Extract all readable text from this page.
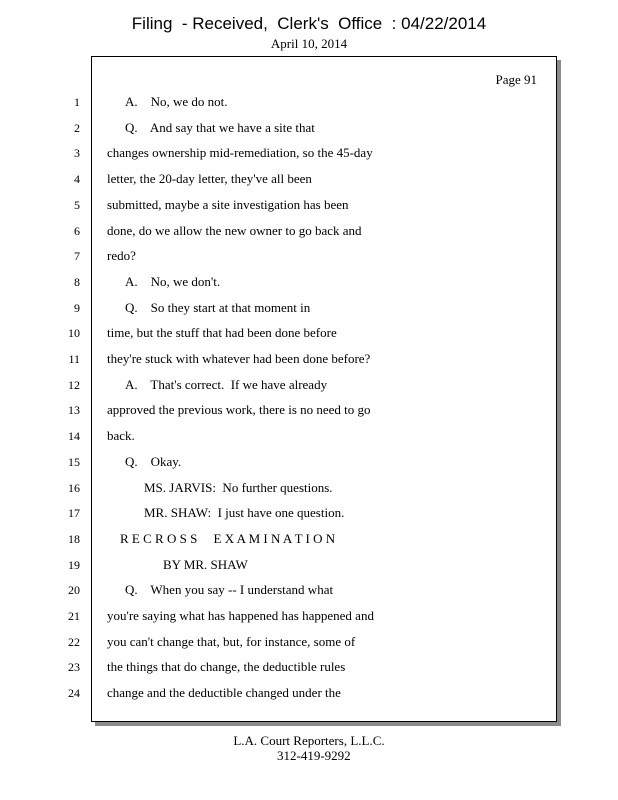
Filing  - Received,  Clerk's  Office  : 04/22/2014
April 10, 2014
Page 91
1	A.    No, we do not.
2	Q.    And say that we have a site that
3 changes ownership mid-remediation, so the 45-day
4 letter, the 20-day letter, they've all been
5 submitted, maybe a site investigation has been
6 done, do we allow the new owner to go back and
7 redo?
8	A.    No, we don't.
9	Q.    So they start at that moment in
10 time, but the stuff that had been done before
11 they're stuck with whatever had been done before?
12	A.    That's correct.  If we have already
13 approved the previous work, there is no need to go
14 back.
15	Q.    Okay.
16	MS. JARVIS:  No further questions.
17	MR. SHAW:  I just have one question.
18	R E C R O S S     E X A M I N A T I O N
19	BY MR. SHAW
20	Q.    When you say -- I understand what
21 you're saying what has happened has happened and
22 you can't change that, but, for instance, some of
23 the things that do change, the deductible rules
24 change and the deductible changed under the
L.A. Court Reporters, L.L.C.
312-419-9292
